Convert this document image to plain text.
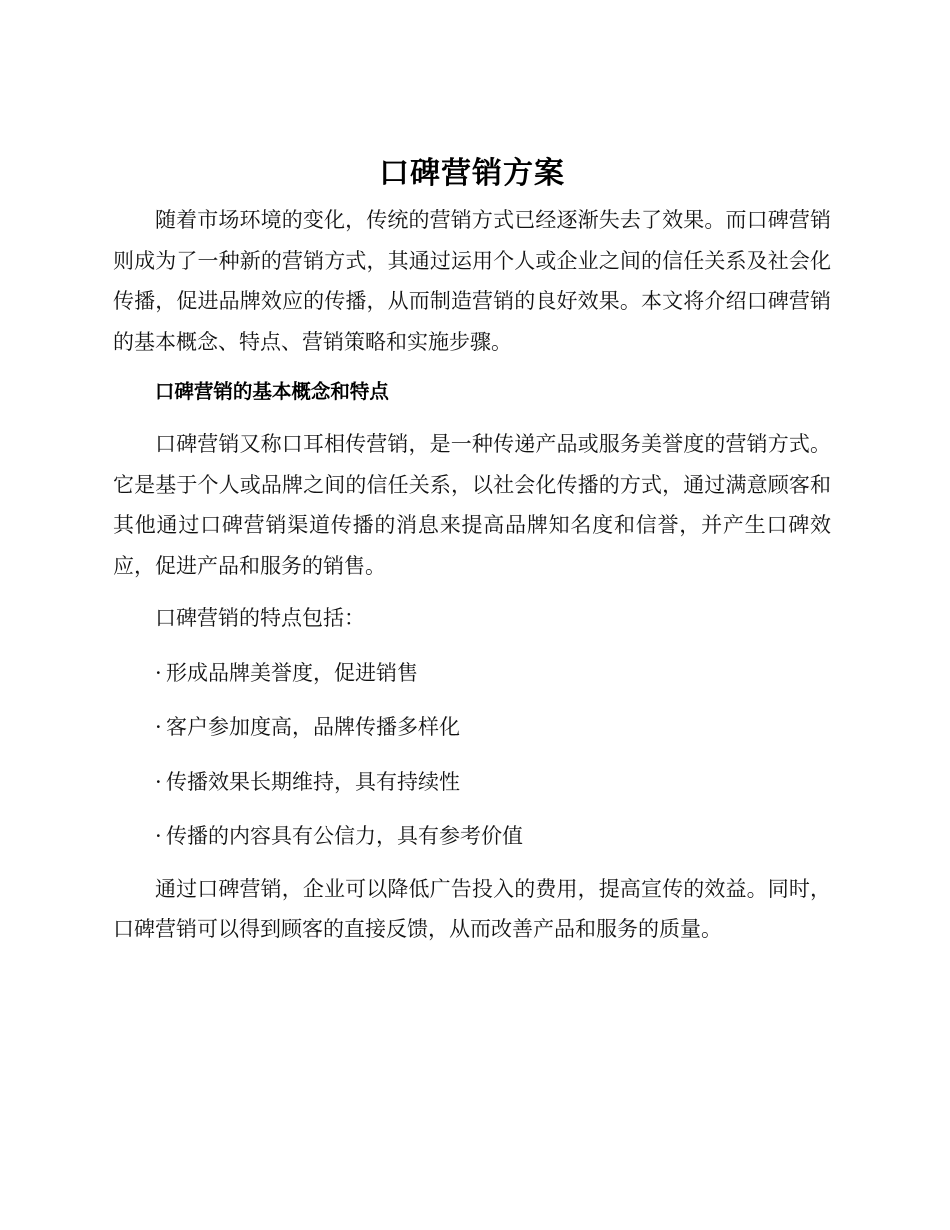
口碑营销方案

随着市场环境的变化，传统的营销方式已经逐渐失去了效果。而口碑营销则成为了一种新的营销方式，其通过运用个人或企业之间的信任关系及社会化传播，促进品牌效应的传播，从而制造营销的良好效果。本文将介绍口碑营销的基本概念、特点、营销策略和实施步骤。

口碑营销的基本概念和特点

口碑营销又称口耳相传营销，是一种传递产品或服务美誉度的营销方式。它是基于个人或品牌之间的信任关系，以社会化传播的方式，通过满意顾客和其他通过口碑营销渠道传播的消息来提高品牌知名度和信誉，并产生口碑效应，促进产品和服务的销售。

口碑营销的特点包括：

· 形成品牌美誉度，促进销售
· 客户参加度高，品牌传播多样化
· 传播效果长期维持，具有持续性
· 传播的内容具有公信力，具有参考价值

通过口碑营销，企业可以降低广告投入的费用，提高宣传的效益。同时，口碑营销可以得到顾客的直接反馈，从而改善产品和服务的质量。
